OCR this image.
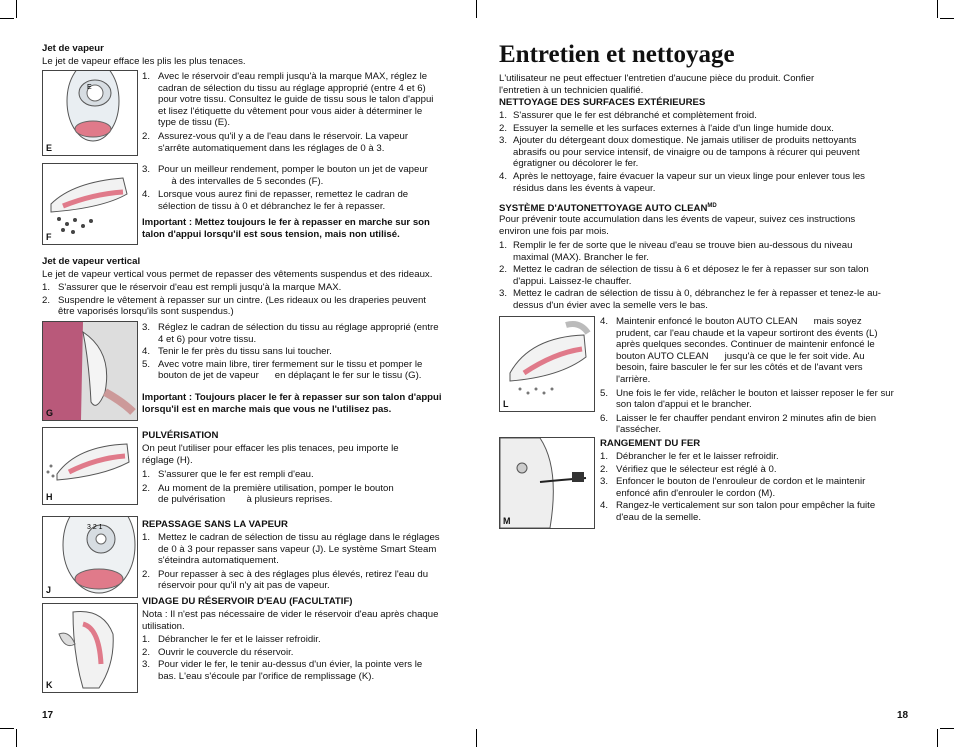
Jet de vapeur
Le jet de vapeur efface les plis les plus tenaces.
E
E
1. Avec le réservoir d'eau rempli jusqu'à la marque MAX, réglez le
cadran de sélection du tissu au réglage approprié (entre 4 et 6)
pour votre tissu. Consultez le guide de tissu sous le talon d'appui
et lisez l'étiquette du vêtement pour vous aider à déterminer le
type de tissu (E).
2. Assurez-vous qu'il y a de l'eau dans le réservoir. La vapeur
s'arrête automatiquement dans les réglages de 0 à 3.
F
3. Pour un meilleur rendement, pomper le bouton un jet de vapeur
à des intervalles de 5 secondes (F).
4. Lorsque vous aurez fini de repasser, remettez le cadran de
sélection de tissu à 0 et débranchez le fer à repasser.
Important : Mettez toujours le fer à repasser en marche sur son
talon d'appui lorsqu'il est sous tension, mais non utilisé.
Jet de vapeur vertical
Le jet de vapeur vertical vous permet de repasser des vêtements suspendus et des rideaux.
1. S'assurer que le réservoir d'eau est rempli jusqu'à la marque MAX.
2. Suspendre le vêtement à repasser sur un cintre. (Les rideaux ou les draperies peuvent
être vaporisés lorsqu'ils sont suspendus.)
G
3. Réglez le cadran de sélection du tissu au réglage approprié (entre
4 et 6) pour votre tissu.
4. Tenir le fer près du tissu sans lui toucher.
5. Avec votre main libre, tirer fermement sur le tissu et pomper le
bouton de jet de vapeur      en déplaçant le fer sur le tissu (G).
Important : Toujours placer le fer à repasser sur son talon d'appui
lorsqu'il est en marche mais que vous ne l'utilisez pas.
H
PULVÉRISATION
On peut l'utiliser pour effacer les plis tenaces, peu importe le
réglage (H).
1. S'assurer que le fer est rempli d'eau.
2. Au moment de la première utilisation, pomper le bouton
de pulvérisation        à plusieurs reprises.
3 2 1
J
REPASSAGE SANS LA VAPEUR
1. Mettez le cadran de sélection de tissu au réglage dans le réglages
de 0 à 3 pour repasser sans vapeur (J). Le système Smart Steam
s'éteindra automatiquement.
2. Pour repasser à sec à des réglages plus élevés, retirez l'eau du
réservoir pour qu'il n'y ait pas de vapeur.
K
VIDAGE DU RÉSERVOIR D'EAU (FACULTATIF)
Nota : Il n'est pas nécessaire de vider le réservoir d'eau après chaque
utilisation.
1. Débrancher le fer et le laisser refroidir.
2. Ouvrir le couvercle du réservoir.
3. Pour vider le fer, le tenir au-dessus d'un évier, la pointe vers le
bas. L'eau s'écoule par l'orifice de remplissage (K).
17
Entretien et nettoyage
L'utilisateur ne peut effectuer l'entretien d'aucune pièce du produit. Confier
l'entretien à un technicien qualifié.
NETTOYAGE DES SURFACES EXTÉRIEURES
1. S'assurer que le fer est débranché et complètement froid.
2. Essuyer la semelle et les surfaces externes à l'aide d'un linge humide doux.
3. Ajouter du détergeant doux domestique. Ne jamais utiliser de produits nettoyants
abrasifs ou pour service intensif, de vinaigre ou de tampons à récurer qui peuvent
égratigner ou décolorer le fer.
4. Après le nettoyage, faire évacuer la vapeur sur un vieux linge pour enlever tous les
résidus dans les évents à vapeur.
SYSTÈME D'AUTONETTOYAGE AUTO $CLEAN^{MD}$
Pour prévenir toute accumulation dans les évents de vapeur, suivez ces instructions
environ une fois par mois.
1. Remplir le fer de sorte que le niveau d'eau se trouve bien au-dessous du niveau
maximal (MAX). Brancher le fer.
2. Mettez le cadran de sélection de tissu à 6 et déposez le fer à repasser sur son talon
d'appui. Laissez-le chauffer.
3. Mettez le cadran de sélection de tissu à 0, débranchez le fer à repasser et tenez-le au-
dessus d'un évier avec la semelle vers le bas.
L
4. Maintenir enfoncé le bouton AUTO CLEAN      mais soyez
prudent, car l'eau chaude et la vapeur sortiront des évents (L)
après quelques secondes. Continuer de maintenir enfoncé le
bouton AUTO CLEAN      jusqu'à ce que le fer soit vide. Au
besoin, faire basculer le fer sur les côtés et de l'avant vers
l'arrière.
5. Une fois le fer vide, relâcher le bouton et laisser reposer le fer sur
son talon d'appui et le brancher.
6. Laisser le fer chauffer pendant environ 2 minutes afin de bien
l'assécher.
M
RANGEMENT DU FER
1. Débrancher le fer et le laisser refroidir.
2. Vérifiez que le sélecteur est réglé à 0.
3. Enfoncer le bouton de l'enrouleur de cordon et le maintenir
enfoncé afin d'enrouler le cordon (M).
4. Rangez-le verticalement sur son talon pour empêcher la fuite
d'eau de la semelle.
18
